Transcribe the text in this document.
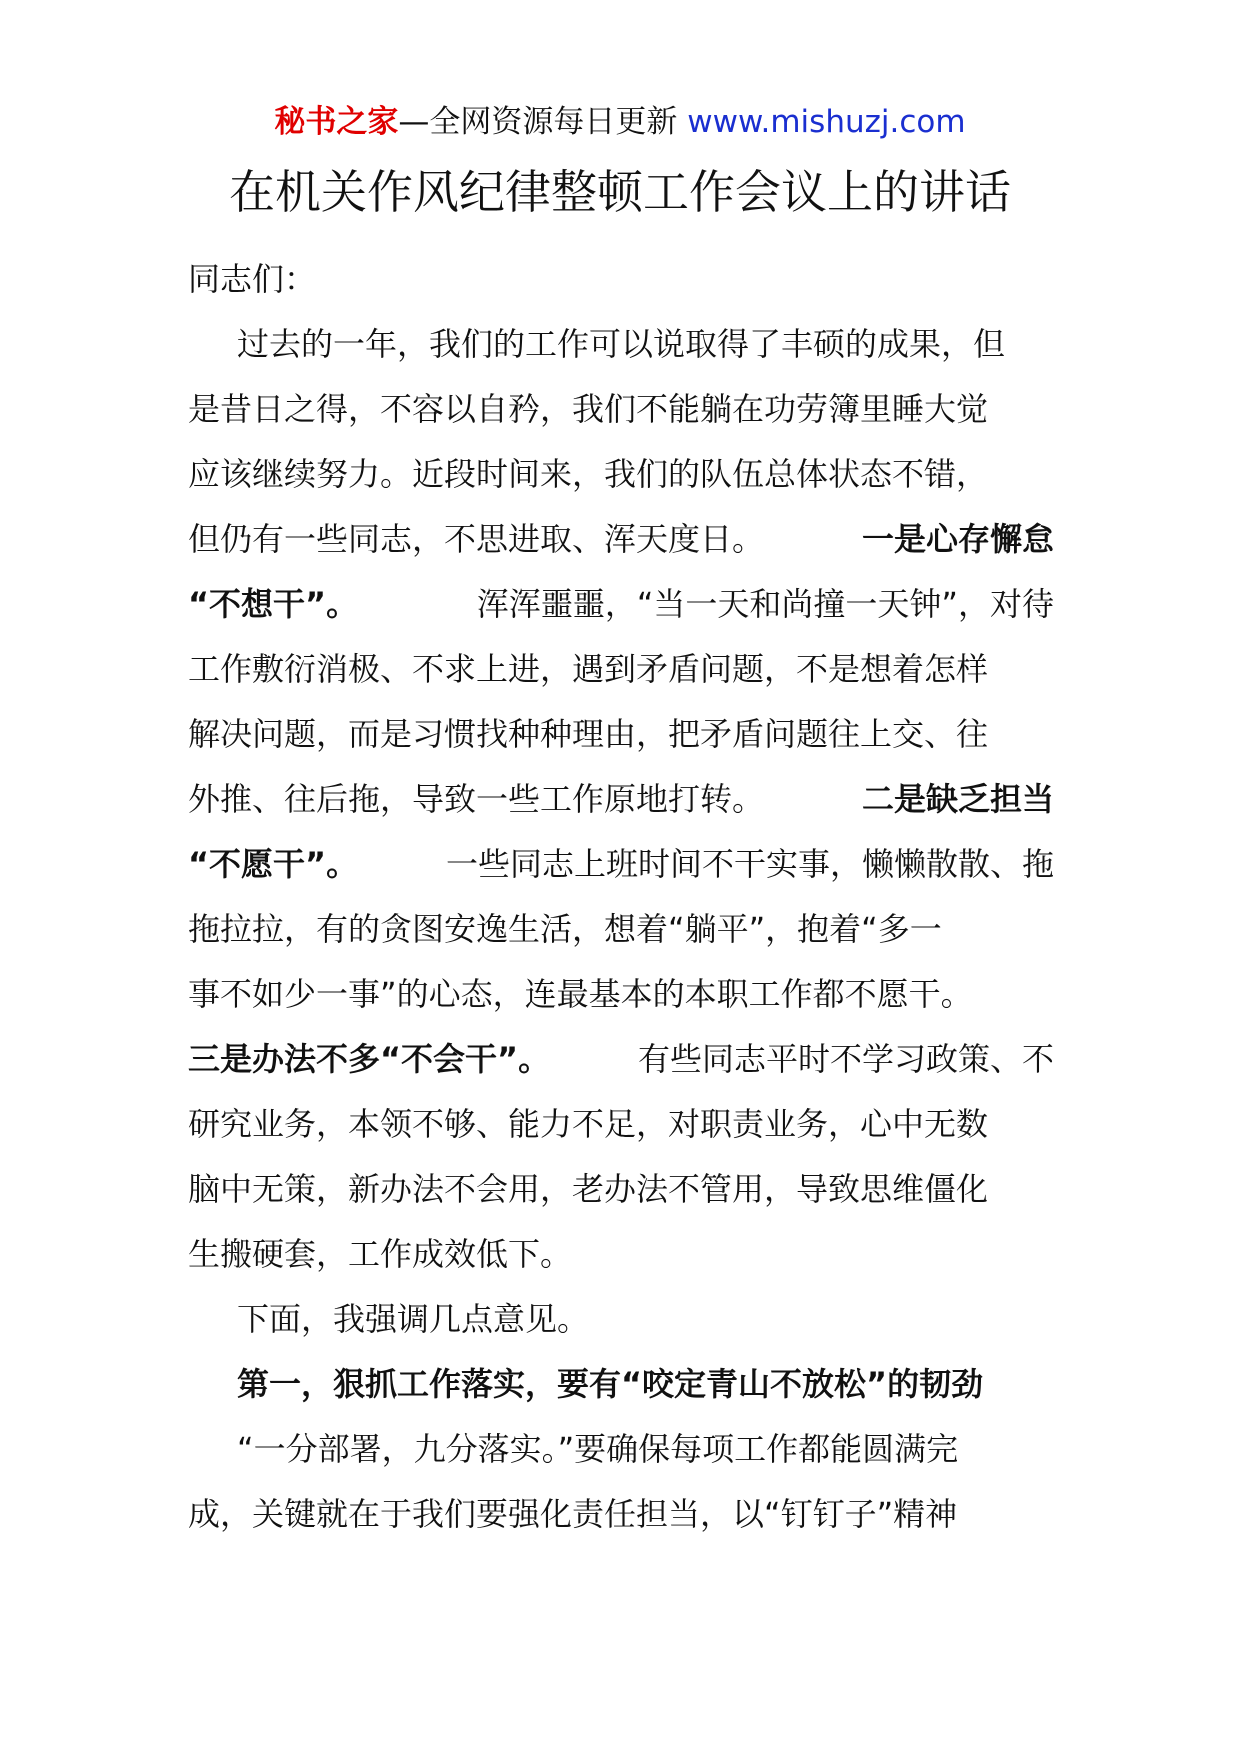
秘书之家—全网资源每日更新 www.mishuzj.com
在机关作风纪律整顿工作会议上的讲话
同志们：
过去的一年，我们的工作可以说取得了丰硕的成果，但
是昔日之得，不容以自矜，我们不能躺在功劳簿里睡大觉
应该继续努力。近段时间来，我们的队伍总体状态不错，
但仍有一些同志，不思进取、浑天度日。	一是心存懈怠
“不想干”。	浑浑噩噩，“当一天和尚撞一天钟”，对待
工作敷衍消极、不求上进，遇到矛盾问题，不是想着怎样
解决问题，而是习惯找种种理由，把矛盾问题往上交、往
外推、往后拖，导致一些工作原地打转。	二是缺乏担当
“不愿干”。	一些同志上班时间不干实事，懒懒散散、拖
拖拉拉，有的贪图安逸生活，想着“躺平”，抱着“多一
事不如少一事”的心态，连最基本的本职工作都不愿干。
三是办法不多“不会干”。	有些同志平时不学习政策、不
研究业务，本领不够、能力不足，对职责业务，心中无数
脑中无策，新办法不会用，老办法不管用，导致思维僵化
生搬硬套，工作成效低下。
下面，我强调几点意见。
第一，狠抓工作落实，要有“咬定青山不放松”的韧劲
“一分部署，九分落实。”要确保每项工作都能圆满完
成，关键就在于我们要强化责任担当，以“钉钉子”精神
